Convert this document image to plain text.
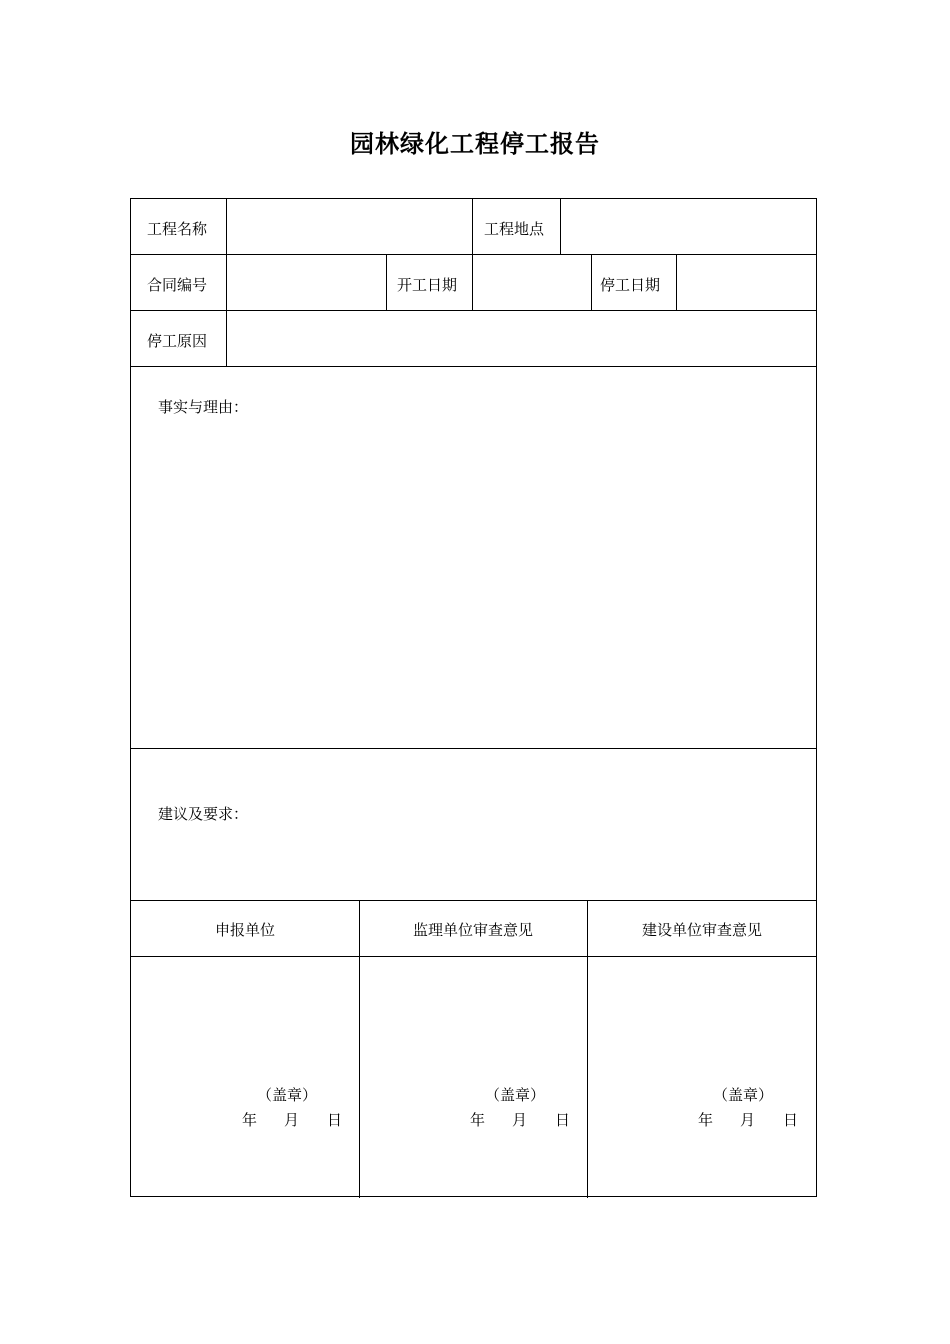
园林绿化工程停工报告
工程名称	工程地点
合同编号	开工日期	停工日期
停工原因
事实与理由：
建议及要求：
申报单位	监理单位审查意见	建设单位审查意见
（盖章）
年 月 日
（盖章）
年 月 日
（盖章）
年 月 日
